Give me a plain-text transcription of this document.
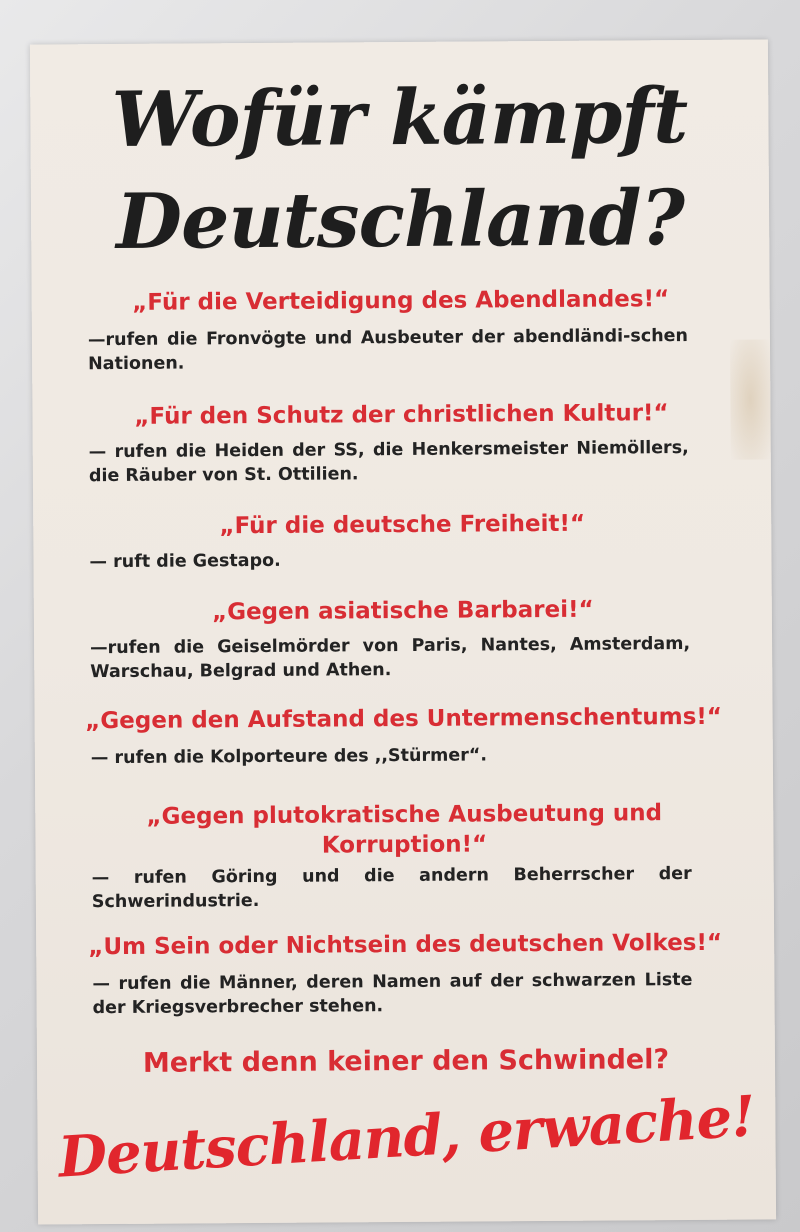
Wofür kämpft
Deutschland?
„Für die Verteidigung des Abendlandes!“
—rufen die Fronvögte und Ausbeuter der abendländi-schen Nationen.
„Für den Schutz der christlichen Kultur!“
— rufen die Heiden der SS, die Henkersmeister Niemöllers, die Räuber von St. Ottilien.
„Für die deutsche Freiheit!“
— ruft die Gestapo.
„Gegen asiatische Barbarei!“
—rufen die Geiselmörder von Paris, Nantes, Amsterdam, Warschau, Belgrad und Athen.
„Gegen den Aufstand des Untermenschentums!“
— rufen die Kolporteure des ,,Stürmer“.
„Gegen plutokratische Ausbeutung und Korruption!“
— rufen Göring und die andern Beherrscher der Schwerindustrie.
„Um Sein oder Nichtsein des deutschen Volkes!“
— rufen die Männer, deren Namen auf der schwarzen Liste der Kriegsverbrecher stehen.
Merkt denn keiner den Schwindel?
Deutschland, erwache!
